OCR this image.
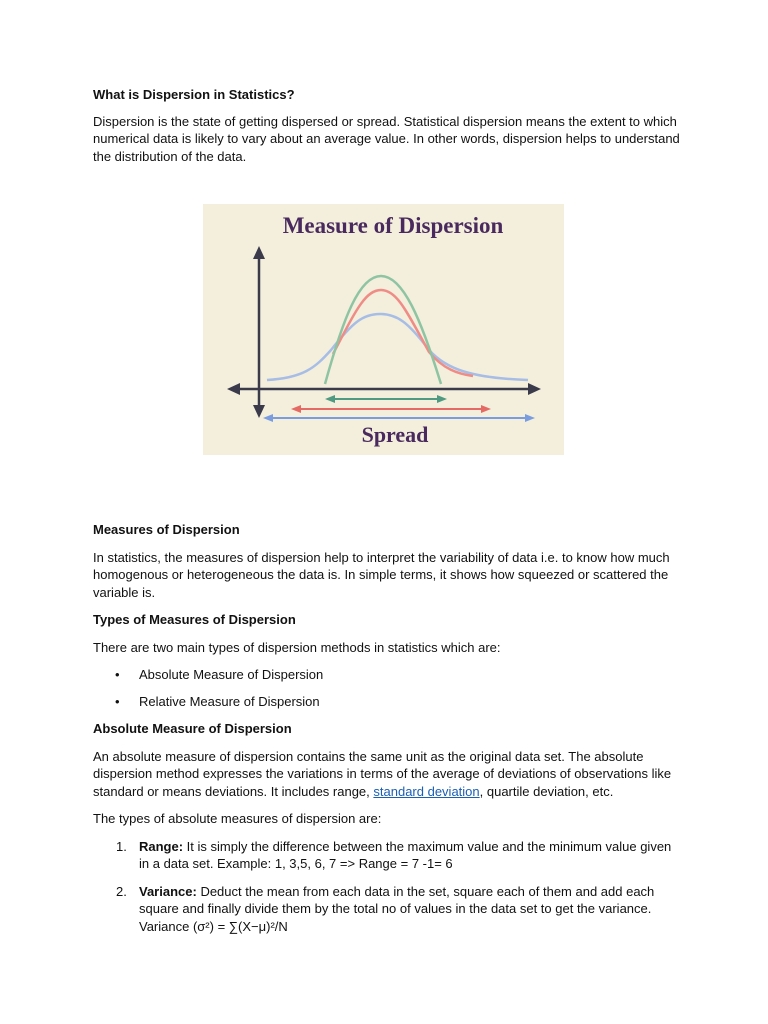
What is Dispersion in Statistics?

Dispersion is the state of getting dispersed or spread. Statistical dispersion means the extent to which numerical data is likely to vary about an average value. In other words, dispersion helps to understand the distribution of the data.

Measure of Dispersion
Spread

Measures of Dispersion

In statistics, the measures of dispersion help to interpret the variability of data i.e. to know how much homogenous or heterogeneous the data is. In simple terms, it shows how squeezed or scattered the variable is.

Types of Measures of Dispersion

There are two main types of dispersion methods in statistics which are:

• Absolute Measure of Dispersion
• Relative Measure of Dispersion

Absolute Measure of Dispersion

An absolute measure of dispersion contains the same unit as the original data set. The absolute dispersion method expresses the variations in terms of the average of deviations of observations like standard or means deviations. It includes range, standard deviation, quartile deviation, etc.

The types of absolute measures of dispersion are:

1. Range: It is simply the difference between the maximum value and the minimum value given in a data set. Example: 1, 3,5, 6, 7 => Range = 7 -1= 6
2. Variance: Deduct the mean from each data in the set, square each of them and add each square and finally divide them by the total no of values in the data set to get the variance. Variance (σ²) = ∑(X−μ)²/N
